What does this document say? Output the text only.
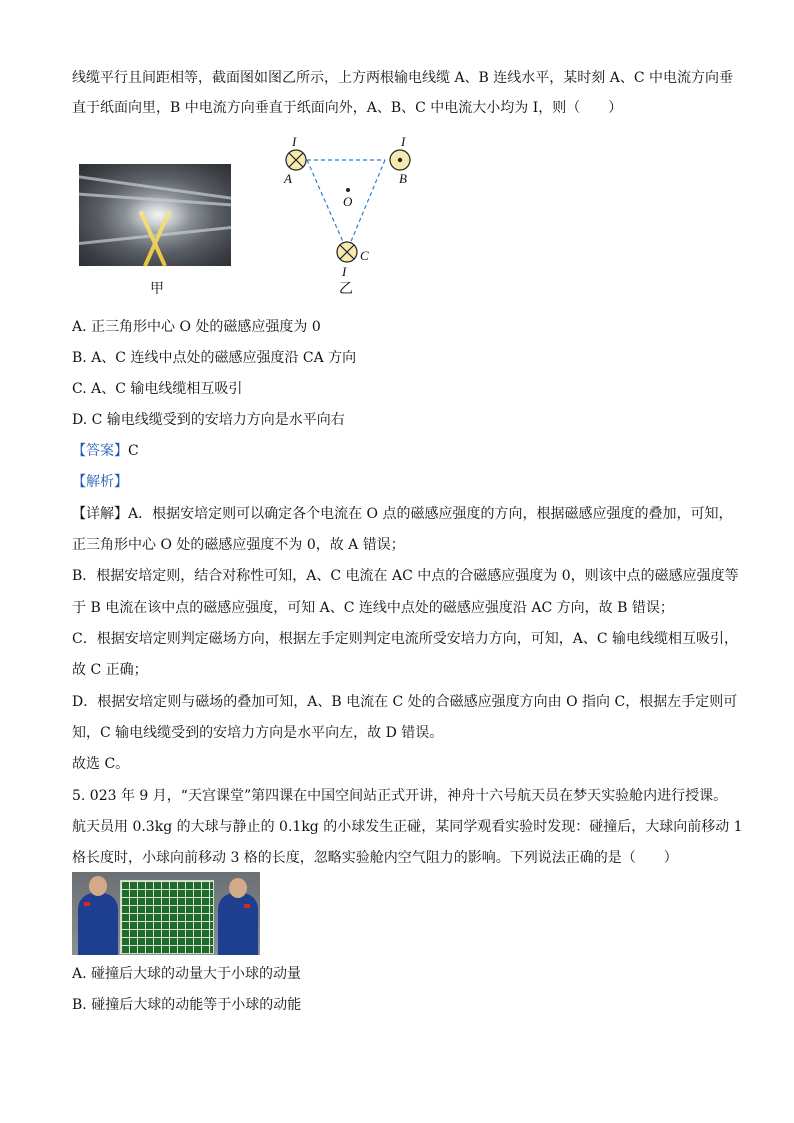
线缆平行且间距相等，截面图如图乙所示，上方两根输电线缆 A、B 连线水平，某时刻 A、C 中电流方向垂
直于纸面向里，B 中电流方向垂直于纸面向外，A、B、C 中电流大小均为 I，则（　　）
甲
I	I
A	B
O
C
I
乙
A. 正三角形中心 O 处的磁感应强度为 0
B. A、C 连线中点处的磁感应强度沿 CA 方向
C. A、C 输电线缆相互吸引
D. C 输电线缆受到的安培力方向是水平向右
【答案】C
【解析】
【详解】A．根据安培定则可以确定各个电流在 O 点的磁感应强度的方向，根据磁感应强度的叠加，可知，
正三角形中心 O 处的磁感应强度不为 0，故 A 错误；
B．根据安培定则，结合对称性可知，A、C 电流在 AC 中点的合磁感应强度为 0，则该中点的磁感应强度等
于 B 电流在该中点的磁感应强度，可知 A、C 连线中点处的磁感应强度沿 AC 方向，故 B 错误；
C．根据安培定则判定磁场方向，根据左手定则判定电流所受安培力方向，可知，A、C 输电线缆相互吸引，
故 C 正确；
D．根据安培定则与磁场的叠加可知，A、B 电流在 C 处的合磁感应强度方向由 O 指向 C，根据左手定则可
知，C 输电线缆受到的安培力方向是水平向左，故 D 错误。
故选 C。
5. 023 年 9 月，“天宫课堂”第四课在中国空间站正式开讲，神舟十六号航天员在梦天实验舱内进行授课。
航天员用 0.3kg 的大球与静止的 0.1kg 的小球发生正碰，某同学观看实验时发现：碰撞后，大球向前移动 1
格长度时，小球向前移动 3 格的长度，忽略实验舱内空气阻力的影响。下列说法正确的是（　　）
A. 碰撞后大球的动量大于小球的动量
B. 碰撞后大球的动能等于小球的动能
